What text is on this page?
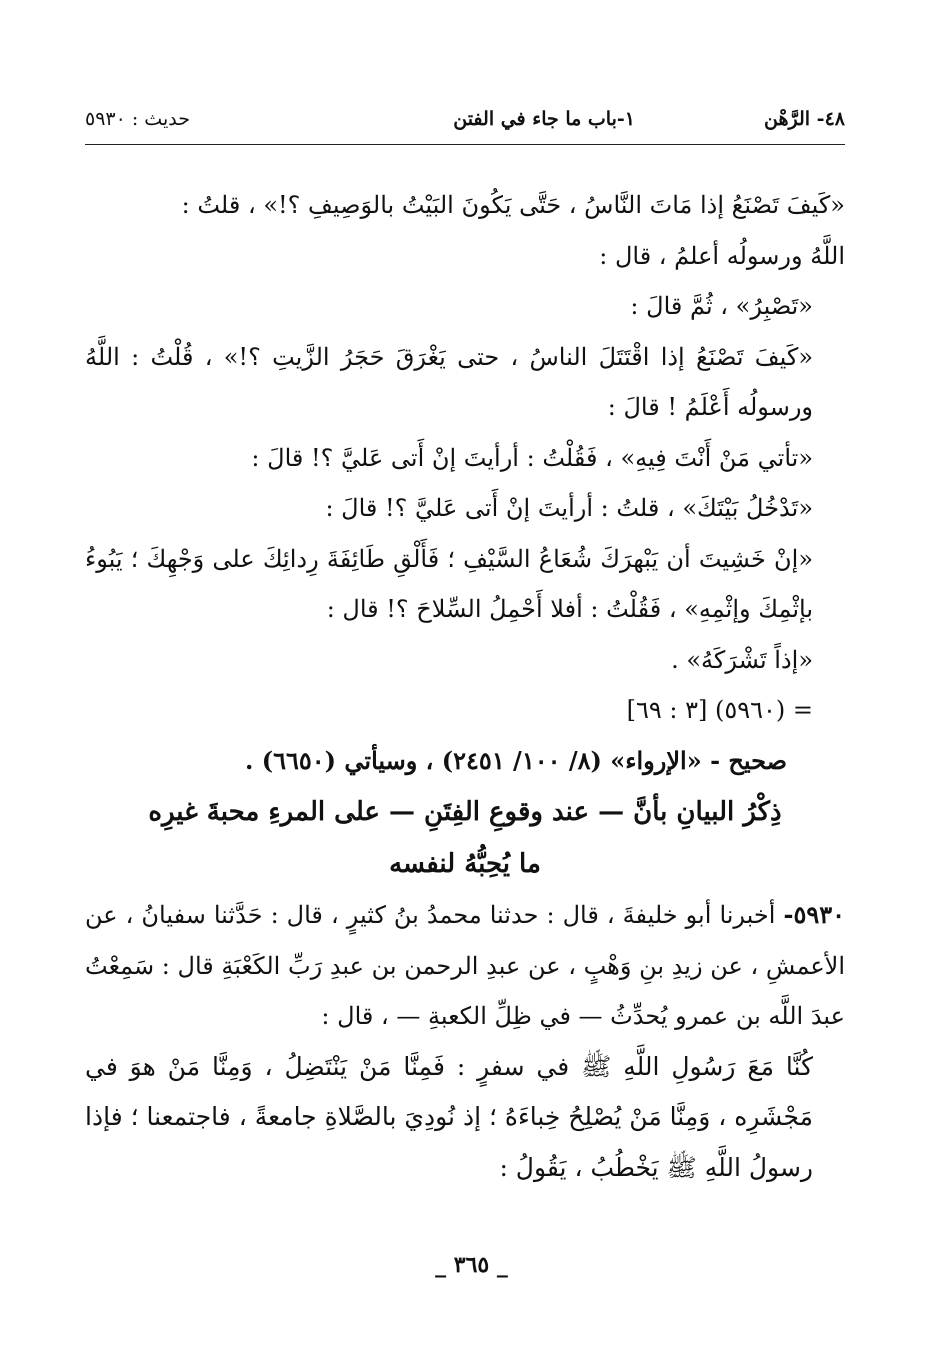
٤٨- الرَّهْن
١-باب ما جاء في الفتن
حديث : ٥٩٣٠

«كَيفَ تَصْنَعُ إذا مَاتَ النَّاسُ ، حَتَّى يَكُونَ البَيْتُ بالوَصِيفِ ؟!» ، قلتُ :

اللَّهُ ورسولُه أعلمُ ، قال :

«تَصْبِرُ» ، ثُمَّ قالَ :

«كَيفَ تَصْنَعُ إذا اقْتَتَلَ الناسُ ، حتى يَغْرَقَ حَجَرُ الزَّيتِ ؟!» ، قُلْتُ : اللَّهُ ورسولُه أَعْلَمُ ! قالَ :

«تأتي مَنْ أَنْتَ فِيهِ» ، فَقُلْتُ : أرأيتَ إنْ أَتى عَليَّ ؟! قالَ :

«تَدْخُلُ بَيْتَكَ» ، قلتُ : أرأيتَ إنْ أَتى عَليَّ ؟! قالَ :

«إنْ خَشِيتَ أن يَبْهرَكَ شُعَاعُ السَّيْفِ ؛ فَأَلْقِ طَائِفَةَ رِدائِكَ على وَجْهِكَ ؛ يَبُوءُ بإثْمِكَ وإثْمِهِ» ، فَقُلْتُ : أفلا أَحْمِلُ السِّلاحَ ؟! قال :

«إذاً تَشْرَكَهُ» .

= (٥٩٦٠) [٣ : ٦٩]

صحيح - «الإرواء» (٨/ ١٠٠/ ٢٤٥١) ، وسيأتي (٦٦٥٠) .

ذِكْرُ البيانِ بأنَّ — عند وقوعِ الفِتَنِ — على المرءِ محبةَ غيرِه

ما يُحِبُّهُ لنفسه

٥٩٣٠- أخبرنا أبو خليفةَ ، قال : حدثنا محمدُ بنُ كثيرٍ ، قال : حَدَّثنا سفيانُ ، عن الأعمشِ ، عن زيدِ بنِ وَهْبٍ ، عن عبدِ الرحمن بن عبدِ رَبِّ الكَعْبَةِ قال : سَمِعْتُ عبدَ اللَّه بن عمرو يُحدِّثُ — في ظِلِّ الكعبةِ — ، قال :

كُنَّا مَعَ رَسُولِ اللَّهِ ﷺ في سفرٍ : فَمِنَّا مَنْ يَنْتَضِلُ ، وَمِنَّا مَنْ هوَ في مَجْشَرِه ، وَمِنَّا مَنْ يُصْلِحُ خِباءَهُ ؛ إذ نُودِيَ بالصَّلاةِ جامعةً ، فاجتمعنا ؛ فإذا رسولُ اللَّهِ ﷺ يَخْطُبُ ، يَقُولُ :

_ ٣٦٥ _
